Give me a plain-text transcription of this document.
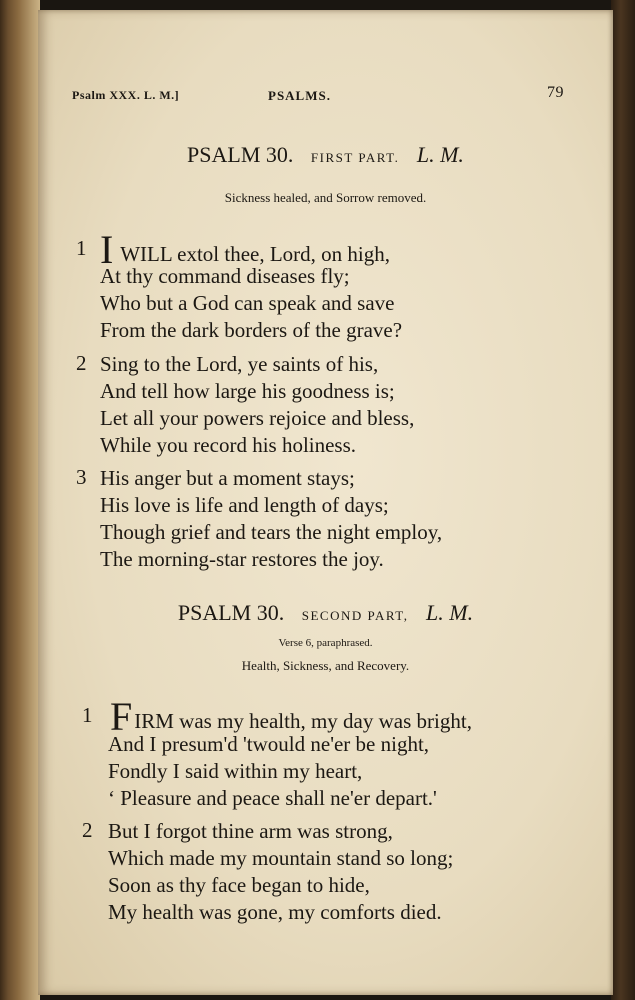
Psalm XXX. L. M.]	PSALMS.	79
PSALM 30. FIRST PART. L. M.
Sickness healed, and Sorrow removed.
1 I WILL extol thee, Lord, on high,
At thy command diseases fly;
Who but a God can speak and save
From the dark borders of the grave?
2 Sing to the Lord, ye saints of his,
And tell how large his goodness is;
Let all your powers rejoice and bless,
While you record his holiness.
3 His anger but a moment stays;
His love is life and length of days;
Though grief and tears the night employ,
The morning-star restores the joy.
PSALM 30. SECOND PART, L. M.
Verse 6, paraphrased.
Health, Sickness, and Recovery.
1 FIRM was my health, my day was bright,
And I presum'd 'twould ne'er be night,
Fondly I said within my heart,
‘ Pleasure and peace shall ne'er depart.'
2 But I forgot thine arm was strong,
Which made my mountain stand so long;
Soon as thy face began to hide,
My health was gone, my comforts died.
